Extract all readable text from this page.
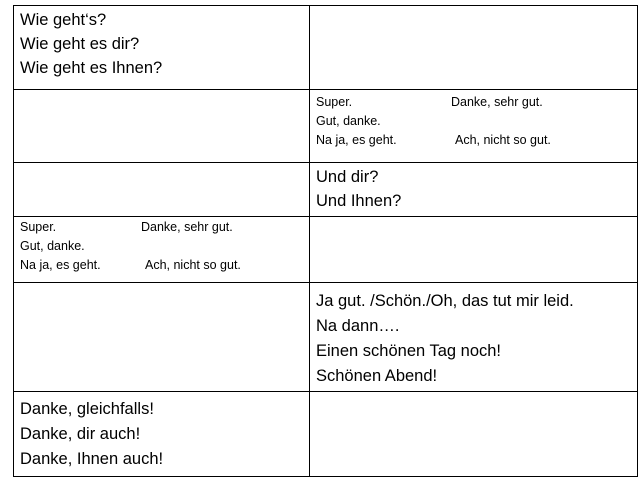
Wie geht‘s?
Wie geht es dir?
Wie geht es Ihnen?	

	Super. Danke, sehr gut.
Gut, danke.
Na ja, es geht. Ach, nicht so gut.

	Und dir?
Und Ihnen?

Super. Danke, sehr gut.
Gut, danke.
Na ja, es geht. Ach, nicht so gut.	

	Ja gut. /Schön./Oh, das tut mir leid.
Na dann….
Einen schönen Tag noch!
Schönen Abend!

Danke, gleichfalls!
Danke, dir auch!
Danke, Ihnen auch!	
